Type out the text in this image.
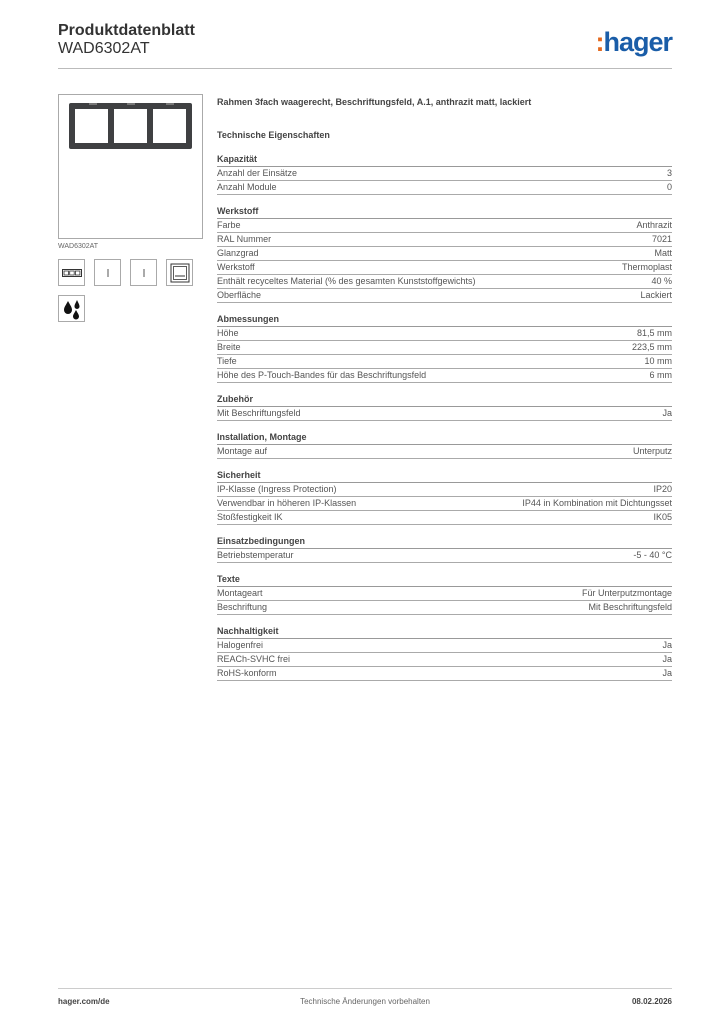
Produktdatenblatt
WAD6302AT	:hager
WAD6302AT

Rahmen 3fach waagerecht, Beschriftungsfeld, A.1, anthrazit matt, lackiert

Technische Eigenschaften
Kapazität
Anzahl der Einsätze	3
Anzahl Module	0
Werkstoff
Farbe	Anthrazit
RAL Nummer	7021
Glanzgrad	Matt
Werkstoff	Thermoplast
Enthält recyceltes Material (% des gesamten Kunststoffgewichts)	40 %
Oberfläche	Lackiert
Abmessungen
Höhe	81,5 mm
Breite	223,5 mm
Tiefe	10 mm
Höhe des P-Touch-Bandes für das Beschriftungsfeld	6 mm
Zubehör
Mit Beschriftungsfeld	Ja
Installation, Montage
Montage auf	Unterputz
Sicherheit
IP-Klasse (Ingress Protection)	IP20
Verwendbar in höheren IP-Klassen	IP44 in Kombination mit Dichtungsset
Stoßfestigkeit IK	IK05
Einsatzbedingungen
Betriebstemperatur	-5 - 40 °C
Texte
Montageart	Für Unterputzmontage
Beschriftung	Mit Beschriftungsfeld
Nachhaltigkeit
Halogenfrei	Ja
REACh-SVHC frei	Ja
RoHS-konform	Ja
hager.com/de	Technische Änderungen vorbehalten	08.02.2026
